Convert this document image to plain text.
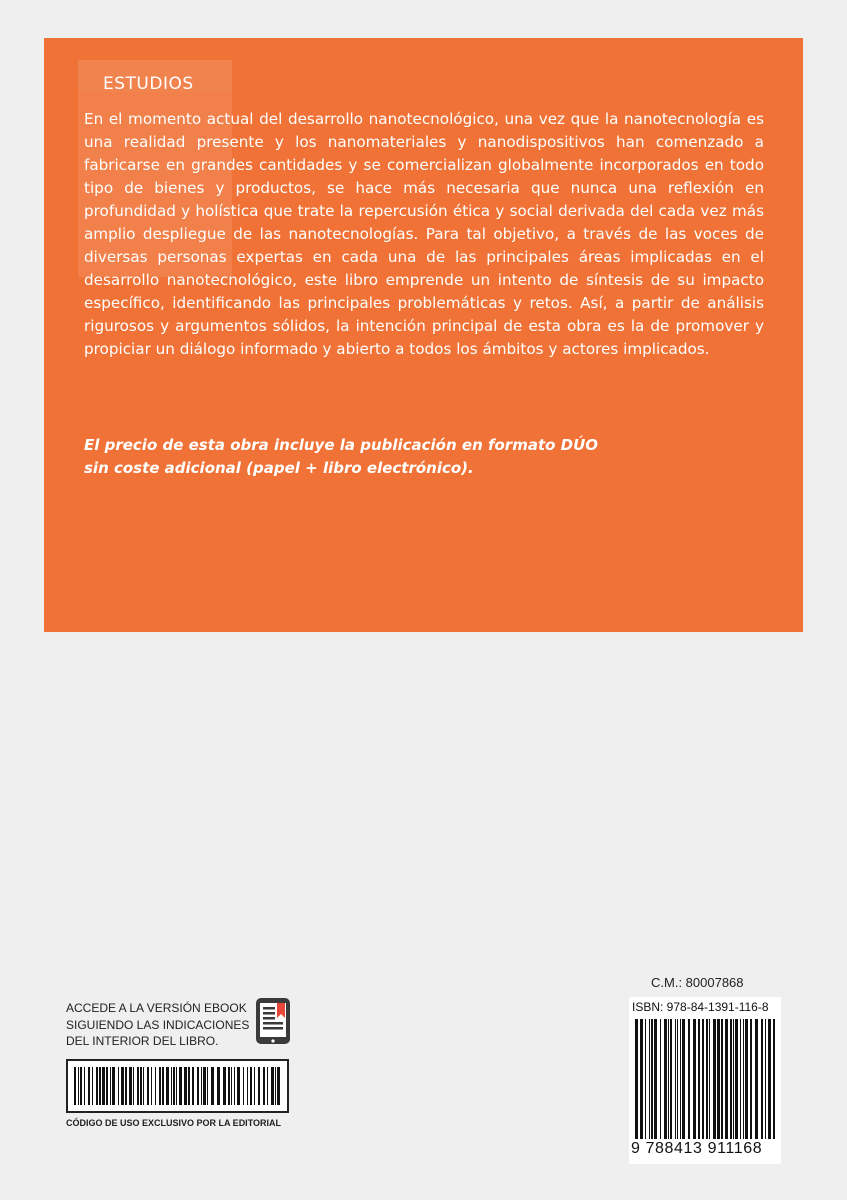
ESTUDIOS

En el momento actual del desarrollo nanotecnológico, una vez que la nanotecnología es una realidad presente y los nanomateriales y nanodispositivos han comenzado a fabricarse en grandes cantidades y se comercializan globalmente incorporados en todo tipo de bienes y productos, se hace más necesaria que nunca una reflexión en profundidad y holística que trate la repercusión ética y social derivada del cada vez más amplio despliegue de las nanotecnologías. Para tal objetivo, a través de las voces de diversas personas expertas en cada una de las principales áreas implicadas en el desarrollo nanotecnológico, este libro emprende un intento de síntesis de su impacto específico, identificando las principales problemáticas y retos. Así, a partir de análisis rigurosos y argumentos sólidos, la intención principal de esta obra es la de promover y propiciar un diálogo informado y abierto a todos los ámbitos y actores implicados.

El precio de esta obra incluye la publicación en formato DÚO
sin coste adicional (papel + libro electrónico).

ACCEDE A LA VERSIÓN EBOOK
SIGUIENDO LAS INDICACIONES
DEL INTERIOR DEL LIBRO.
CÓDIGO DE USO EXCLUSIVO POR LA EDITORIAL
C.M.: 80007868
ISBN: 978-84-1391-116-8
9 788413 911168
